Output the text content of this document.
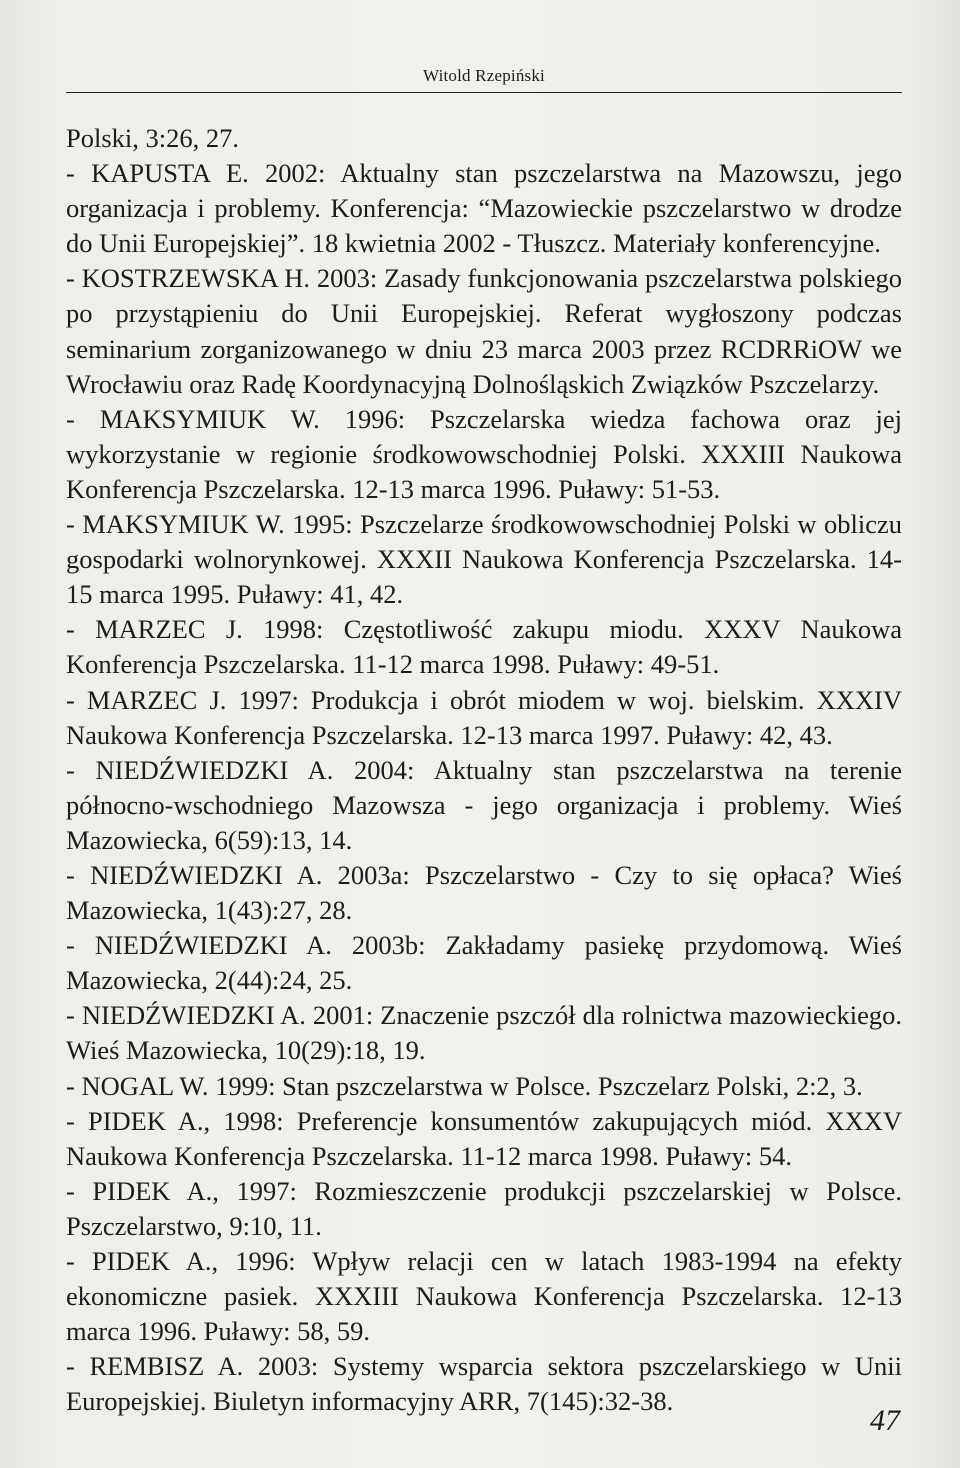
Witold Rzepiński
Polski, 3:26, 27.
- KAPUSTA E. 2002: Aktualny stan pszczelarstwa na Mazowszu, jego organizacja i problemy. Konferencja: “Mazowieckie pszczelarstwo w drodze do Unii Europejskiej”. 18 kwietnia 2002 - Tłuszcz. Materiały konferencyjne.
- KOSTRZEWSKA H. 2003: Zasady funkcjonowania pszczelarstwa polskiego po przystąpieniu do Unii Europejskiej. Referat wygłoszony podczas seminarium zorganizowanego w dniu 23 marca 2003 przez RCDRRiOW we Wrocławiu oraz Radę Koordynacyjną Dolnośląskich Związków Pszczelarzy.
- MAKSYMIUK W. 1996: Pszczelarska wiedza fachowa oraz jej wykorzystanie w regionie środkowowschodniej Polski. XXXIII Naukowa Konferencja Pszczelarska. 12-13 marca 1996. Puławy: 51-53.
- MAKSYMIUK W. 1995: Pszczelarze środkowowschodniej Polski w obliczu gospodarki wolnorynkowej. XXXII Naukowa Konferencja Pszczelarska. 14-15 marca 1995. Puławy: 41, 42.
- MARZEC J. 1998: Częstotliwość zakupu miodu. XXXV Naukowa Konferencja Pszczelarska. 11-12 marca 1998. Puławy: 49-51.
- MARZEC J. 1997: Produkcja i obrót miodem w woj. bielskim. XXXIV Naukowa Konferencja Pszczelarska. 12-13 marca 1997. Puławy: 42, 43.
- NIEDŹWIEDZKI A. 2004: Aktualny stan pszczelarstwa na terenie północno-wschodniego Mazowsza - jego organizacja i problemy. Wieś Mazowiecka, 6(59):13, 14.
- NIEDŹWIEDZKI A. 2003a: Pszczelarstwo - Czy to się opłaca? Wieś Mazowiecka, 1(43):27, 28.
- NIEDŹWIEDZKI A. 2003b: Zakładamy pasiekę przydomową. Wieś Mazowiecka, 2(44):24, 25.
- NIEDŹWIEDZKI A. 2001: Znaczenie pszczół dla rolnictwa mazowieckiego. Wieś Mazowiecka, 10(29):18, 19.
- NOGAL W. 1999: Stan pszczelarstwa w Polsce. Pszczelarz Polski, 2:2, 3.
- PIDEK A., 1998: Preferencje konsumentów zakupujących miód. XXXV Naukowa Konferencja Pszczelarska. 11-12 marca 1998. Puławy: 54.
- PIDEK A., 1997: Rozmieszczenie produkcji pszczelarskiej w Polsce. Pszczelarstwo, 9:10, 11.
- PIDEK A., 1996: Wpływ relacji cen w latach 1983-1994 na efekty ekonomiczne pasiek. XXXIII Naukowa Konferencja Pszczelarska. 12-13 marca 1996. Puławy: 58, 59.
- REMBISZ A. 2003: Systemy wsparcia sektora pszczelarskiego w Unii Europejskiej. Biuletyn informacyjny ARR, 7(145):32-38.
47
